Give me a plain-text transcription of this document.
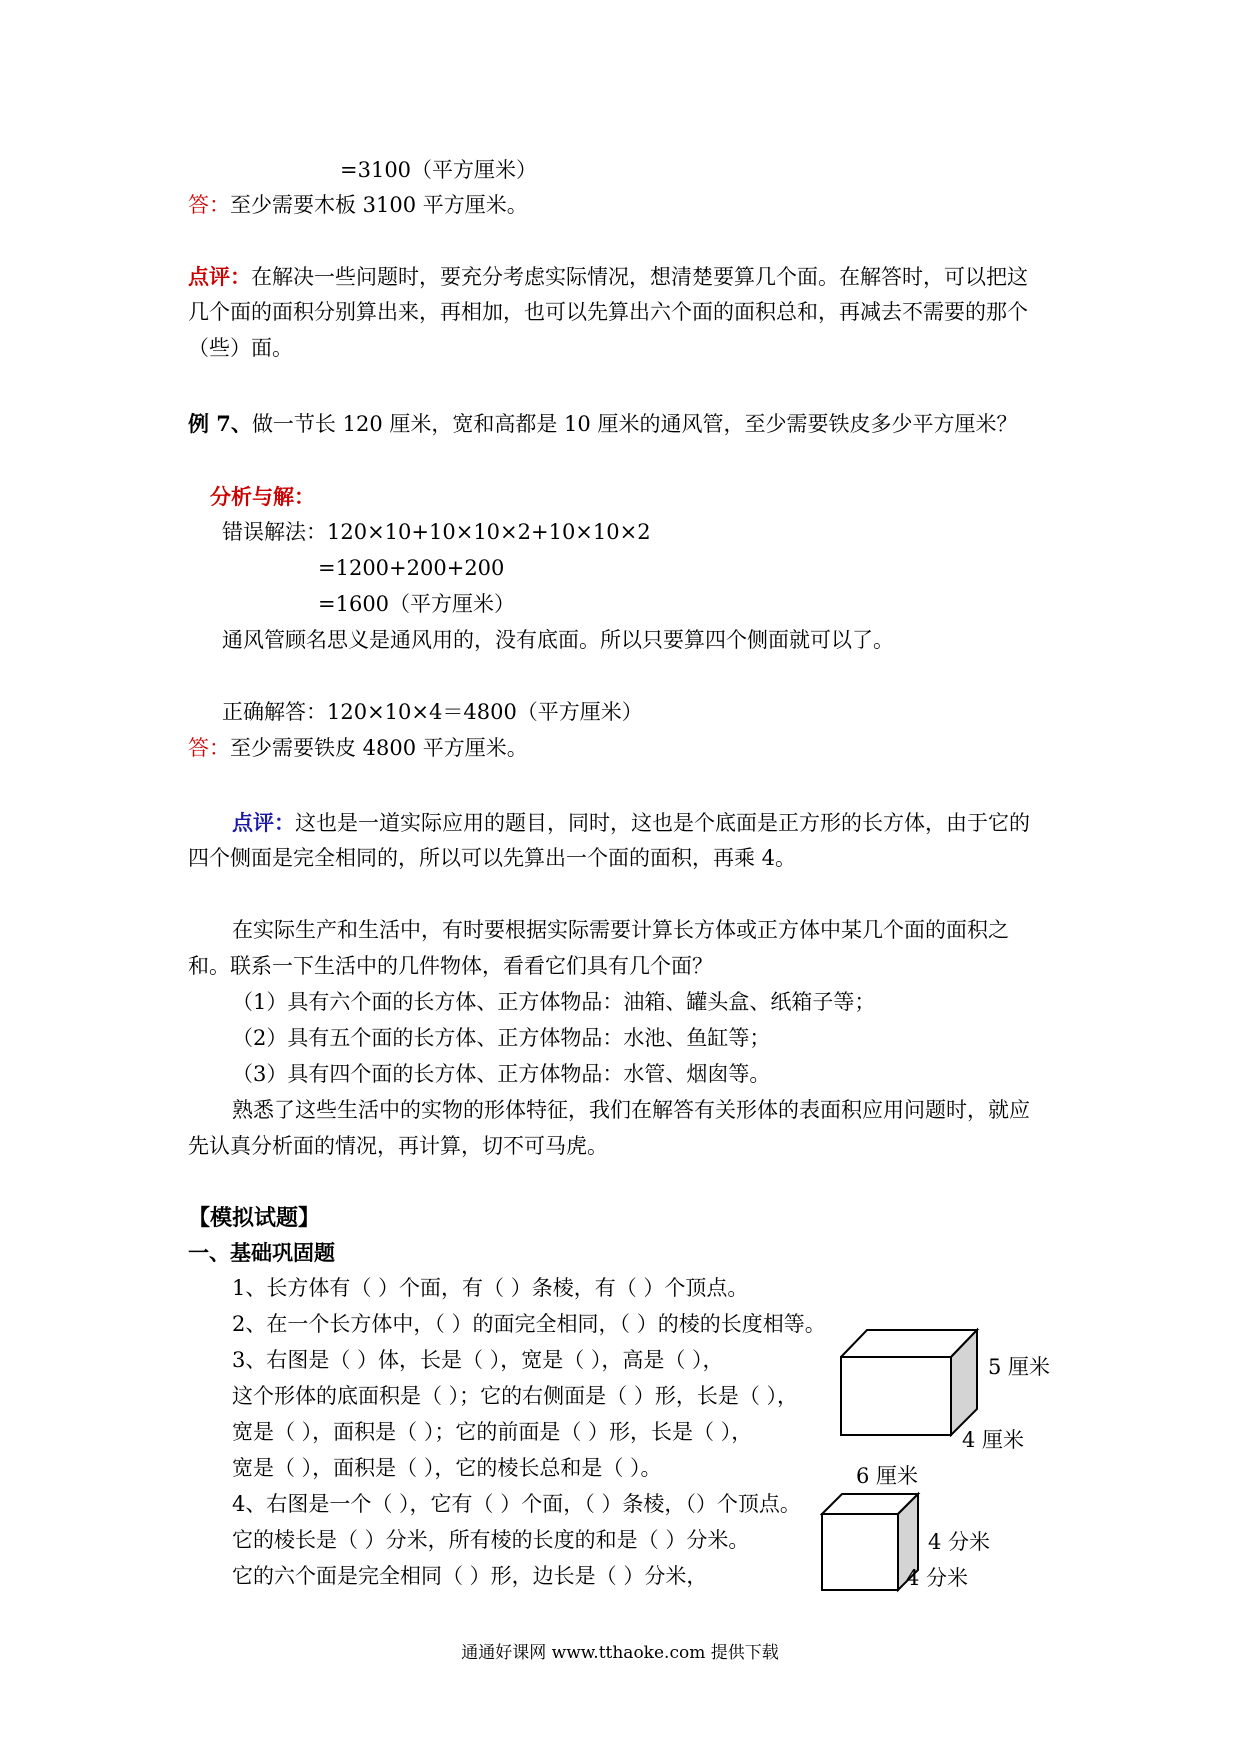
=3100（平方厘米）
答：至少需要木板 3100 平方厘米。
点评：在解决一些问题时，要充分考虑实际情况，想清楚要算几个面。在解答时，可以把这
几个面的面积分别算出来，再相加，也可以先算出六个面的面积总和，再减去不需要的那个
（些）面。
例 7、做一节长 120 厘米，宽和高都是 10 厘米的通风管，至少需要铁皮多少平方厘米？
分析与解：
错误解法：120×10+10×10×2+10×10×2
=1200+200+200
=1600（平方厘米）
通风管顾名思义是通风用的，没有底面。所以只要算四个侧面就可以了。
正确解答：120×10×4＝4800（平方厘米）
答：至少需要铁皮 4800 平方厘米。
点评：这也是一道实际应用的题目，同时，这也是个底面是正方形的长方体，由于它的
四个侧面是完全相同的，所以可以先算出一个面的面积，再乘 4。
在实际生产和生活中，有时要根据实际需要计算长方体或正方体中某几个面的面积之
和。联系一下生活中的几件物体，看看它们具有几个面？
（1）具有六个面的长方体、正方体物品：油箱、罐头盒、纸箱子等；
（2）具有五个面的长方体、正方体物品：水池、鱼缸等；
（3）具有四个面的长方体、正方体物品：水管、烟囱等。
熟悉了这些生活中的实物的形体特征，我们在解答有关形体的表面积应用问题时，就应
先认真分析面的情况，再计算，切不可马虎。
【模拟试题】
一、基础巩固题
1、长方体有（ ）个面，有（ ）条棱，有（ ）个顶点。
2、在一个长方体中，（ ）的面完全相同，（ ）的棱的长度相等。
3、右图是（ ）体，长是（ ），宽是（ ），高是（ ），
这个形体的底面积是（ ）；它的右侧面是（ ）形，长是（ ），
宽是（ ），面积是（ ）；它的前面是（ ）形，长是（ ），
宽是（ ），面积是（ ），它的棱长总和是（ ）。
4、右图是一个（ ），它有（ ）个面，（ ）条棱，（）个顶点。
它的棱长是（ ）分米，所有棱的长度的和是（ ）分米。
它的六个面是完全相同（ ）形，边长是（ ）分米，
5 厘米
4 厘米
6 厘米
4 分米
4 分米
通通好课网 www.tthaoke.com 提供下载
